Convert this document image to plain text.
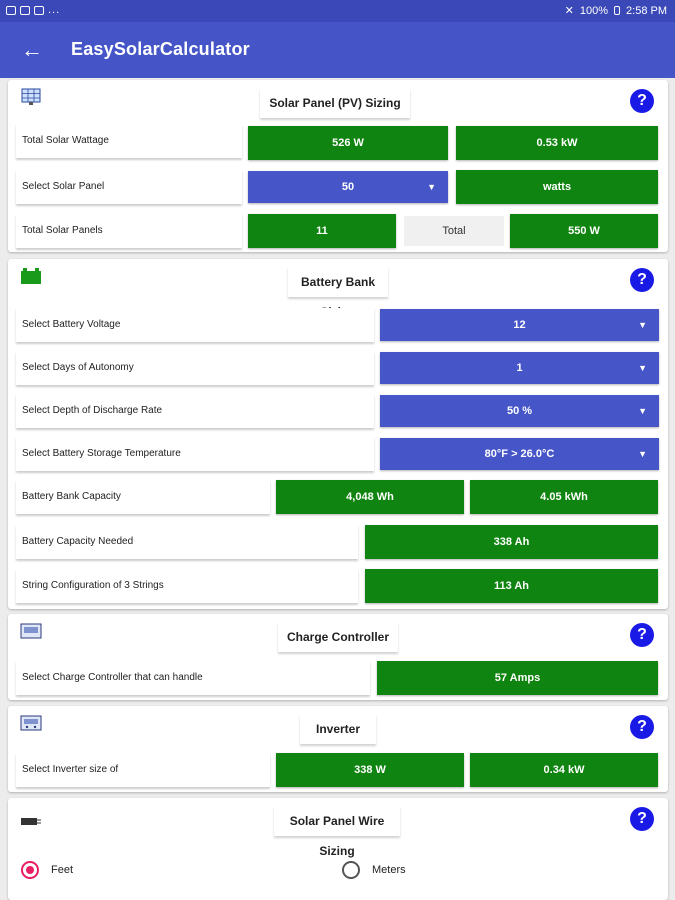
...	✕ 100% 2:58 PM
← EasySolarCalculator
Solar Panel (PV) Sizing	?
Total Solar Wattage	526 W	0.53 kW
Select Solar Panel	50	▼	watts
Total Solar Panels	11	Total	550 W
Battery Bank	?
Select Battery Voltage	12	▼
Select Days of Autonomy	1	▼
Select Depth of Discharge Rate	50 %	▼
Select Battery Storage Temperature	80°F > 26.0°C	▼
Battery Bank Capacity	4,048 Wh	4.05 kWh
Battery Capacity Needed	338 Ah
String Configuration of 3 Strings	113 Ah
Charge Controller	?
Select Charge Controller that can handle	57 Amps
Inverter	?
Select Inverter size of	338 W	0.34 kW
Solar Panel Wire Sizing
?
Feet	Meters
